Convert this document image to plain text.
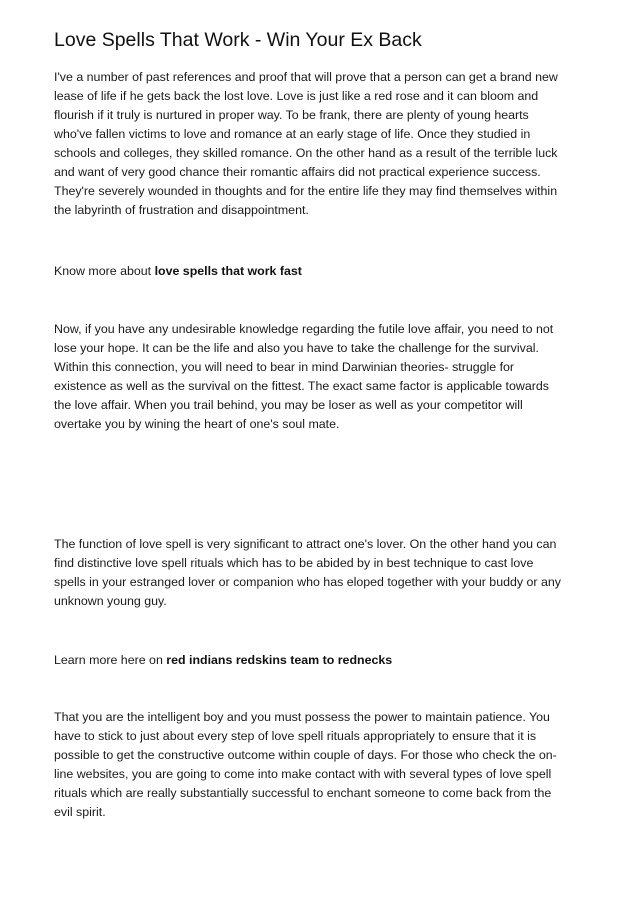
Love Spells That Work - Win Your Ex Back

I've a number of past references and proof that will prove that a person can get a brand new
lease of life if he gets back the lost love. Love is just like a red rose and it can bloom and
flourish if it truly is nurtured in proper way. To be frank, there are plenty of young hearts
who've fallen victims to love and romance at an early stage of life. Once they studied in
schools and colleges, they skilled romance. On the other hand as a result of the terrible luck
and want of very good chance their romantic affairs did not practical experience success.
They're severely wounded in thoughts and for the entire life they may find themselves within
the labyrinth of frustration and disappointment.

Know more about love spells that work fast

Now, if you have any undesirable knowledge regarding the futile love affair, you need to not
lose your hope. It can be the life and also you have to take the challenge for the survival.
Within this connection, you will need to bear in mind Darwinian theories- struggle for
existence as well as the survival on the fittest. The exact same factor is applicable towards
the love affair. When you trail behind, you may be loser as well as your competitor will
overtake you by wining the heart of one's soul mate.

The function of love spell is very significant to attract one's lover. On the other hand you can
find distinctive love spell rituals which has to be abided by in best technique to cast love
spells in your estranged lover or companion who has eloped together with your buddy or any
unknown young guy.

Learn more here on red indians redskins team to rednecks

That you are the intelligent boy and you must possess the power to maintain patience. You
have to stick to just about every step of love spell rituals appropriately to ensure that it is
possible to get the constructive outcome within couple of days. For those who check the on-
line websites, you are going to come into make contact with with several types of love spell
rituals which are really substantially successful to enchant someone to come back from the
evil spirit.
